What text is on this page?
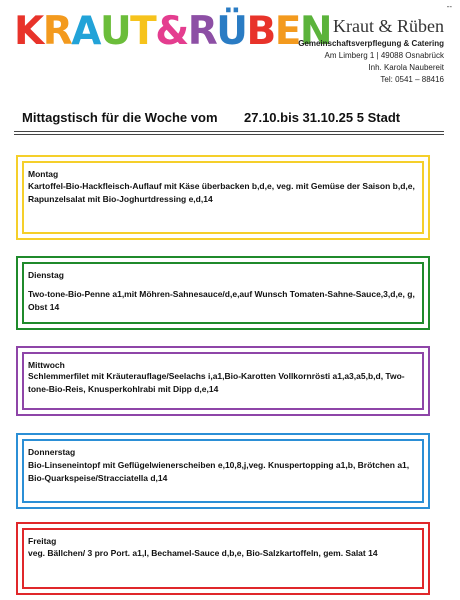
--
KRAUT&RÜBEN Kraut & Rüben
Gemeinschaftsverpflegung & Catering
Am Limberg 1 | 49088 Osnabrück
Inh. Karola Naubereit
Tel: 0541 – 88416
Mittagstisch für die Woche vom 27.10.bis 31.10.25 5 Stadt
Montag
Kartoffel-Bio-Hackfleisch-Auflauf mit Käse überbacken b,d,e, veg. mit Gemüse der Saison b,d,e, Rapunzelsalat mit Bio-Joghurtdressing e,d,14
Dienstag
Two-tone-Bio-Penne a1,mit Möhren-Sahnesauce/d,e,auf Wunsch Tomaten-Sahne-Sauce,3,d,e, g, Obst 14
Mittwoch
Schlemmerfilet mit Kräuterauflage/Seelachs i,a1,Bio-Karotten Vollkornrösti a1,a3,a5,b,d, Two-tone-Bio-Reis, Knusperkohlrabi mit Dipp d,e,14
Donnerstag
Bio-Linseneintopf mit Geflügelwienerscheiben e,10,8,j,veg. Knuspertopping a1,b, Brötchen a1, Bio-Quarkspeise/Stracciatella d,14
Freitag
veg. Bällchen/ 3 pro Port. a1,l, Bechamel-Sauce d,b,e, Bio-Salzkartoffeln, gem. Salat 14
